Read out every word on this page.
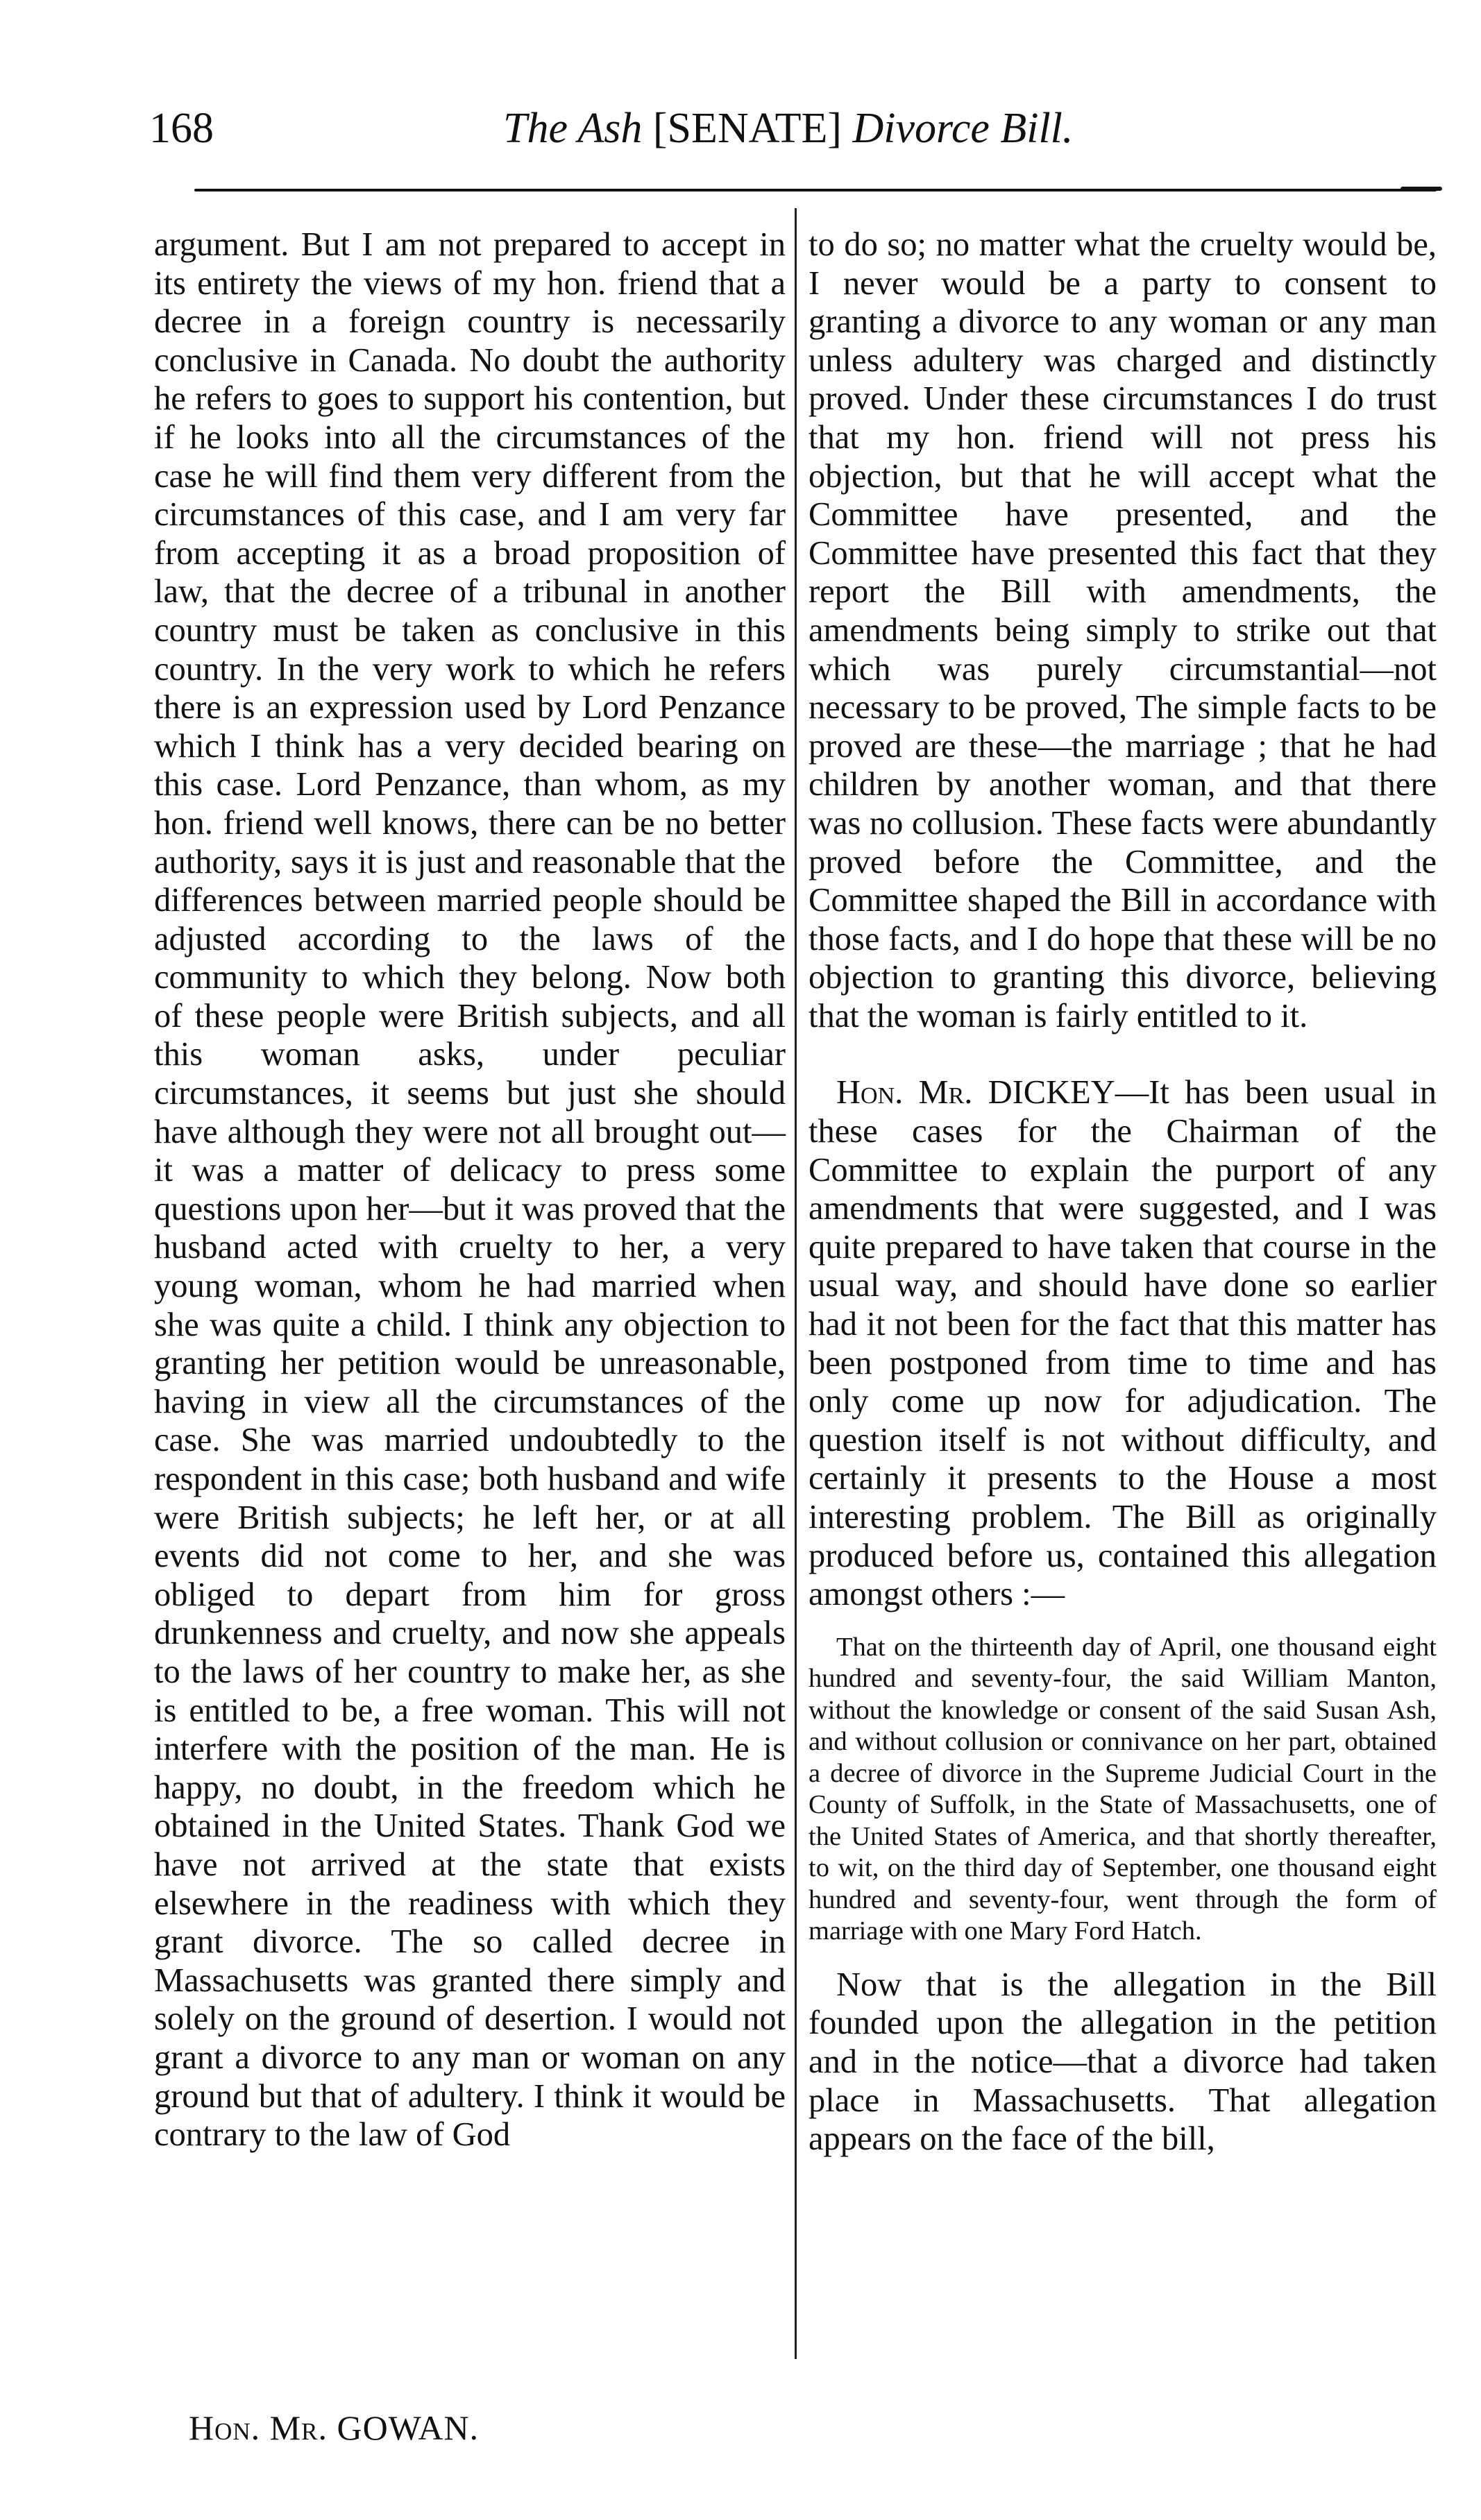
168	The Ash [SENATE] Divorce Bill.

argument. But I am not prepared to accept in its entirety the views of my hon. friend that a decree in a foreign country is necessarily conclusive in Canada. No doubt the authority he refers to goes to support his contention, but if he looks into all the circumstances of the case he will find them very different from the circumstances of this case, and I am very far from accepting it as a broad proposition of law, that the decree of a tribunal in another country must be taken as conclusive in this country. In the very work to which he refers there is an expression used by Lord Penzance which I think has a very decided bearing on this case. Lord Penzance, than whom, as my hon. friend well knows, there can be no better authority, says it is just and reasonable that the differences between married people should be adjusted according to the laws of the community to which they belong. Now both of these people were British subjects, and all this woman asks, under peculiar circumstances, it seems but just she should have although they were not all brought out—it was a matter of delicacy to press some questions upon her—but it was proved that the husband acted with cruelty to her, a very young woman, whom he had married when she was quite a child. I think any objection to granting her petition would be unreasonable, having in view all the circumstances of the case. She was married undoubtedly to the respondent in this case; both husband and wife were British subjects; he left her, or at all events did not come to her, and she was obliged to depart from him for gross drunkenness and cruelty, and now she appeals to the laws of her country to make her, as she is entitled to be, a free woman. This will not interfere with the position of the man. He is happy, no doubt, in the freedom which he obtained in the United States. Thank God we have not arrived at the state that exists elsewhere in the readiness with which they grant divorce. The so called decree in Massachusetts was granted there simply and solely on the ground of desertion. I would not grant a divorce to any man or woman on any ground but that of adultery. I think it would be contrary to the law of God

to do so; no matter what the cruelty would be, I never would be a party to consent to granting a divorce to any woman or any man unless adultery was charged and distinctly proved. Under these circumstances I do trust that my hon. friend will not press his objection, but that he will accept what the Committee have presented, and the Committee have presented this fact that they report the Bill with amendments, the amendments being simply to strike out that which was purely circumstantial—not necessary to be proved, The simple facts to be proved are these—the marriage ; that he had children by another woman, and that there was no collusion. These facts were abundantly proved before the Committee, and the Committee shaped the Bill in accordance with those facts, and I do hope that these will be no objection to granting this divorce, believing that the woman is fairly entitled to it.

Hon. Mr. DICKEY—It has been usual in these cases for the Chairman of the Committee to explain the purport of any amendments that were suggested, and I was quite prepared to have taken that course in the usual way, and should have done so earlier had it not been for the fact that this matter has been postponed from time to time and has only come up now for adjudication. The question itself is not without difficulty, and certainly it presents to the House a most interesting problem. The Bill as originally produced before us, contained this allegation amongst others :—

That on the thirteenth day of April, one thousand eight hundred and seventy-four, the said William Manton, without the knowledge or consent of the said Susan Ash, and without collusion or connivance on her part, obtained a decree of divorce in the Supreme Judicial Court in the County of Suffolk, in the State of Massachusetts, one of the United States of America, and that shortly thereafter, to wit, on the third day of September, one thousand eight hundred and seventy-four, went through the form of marriage with one Mary Ford Hatch.

Now that is the allegation in the Bill founded upon the allegation in the petition and in the notice—that a divorce had taken place in Massachusetts. That allegation appears on the face of the bill,

Hon. Mr. GOWAN.
